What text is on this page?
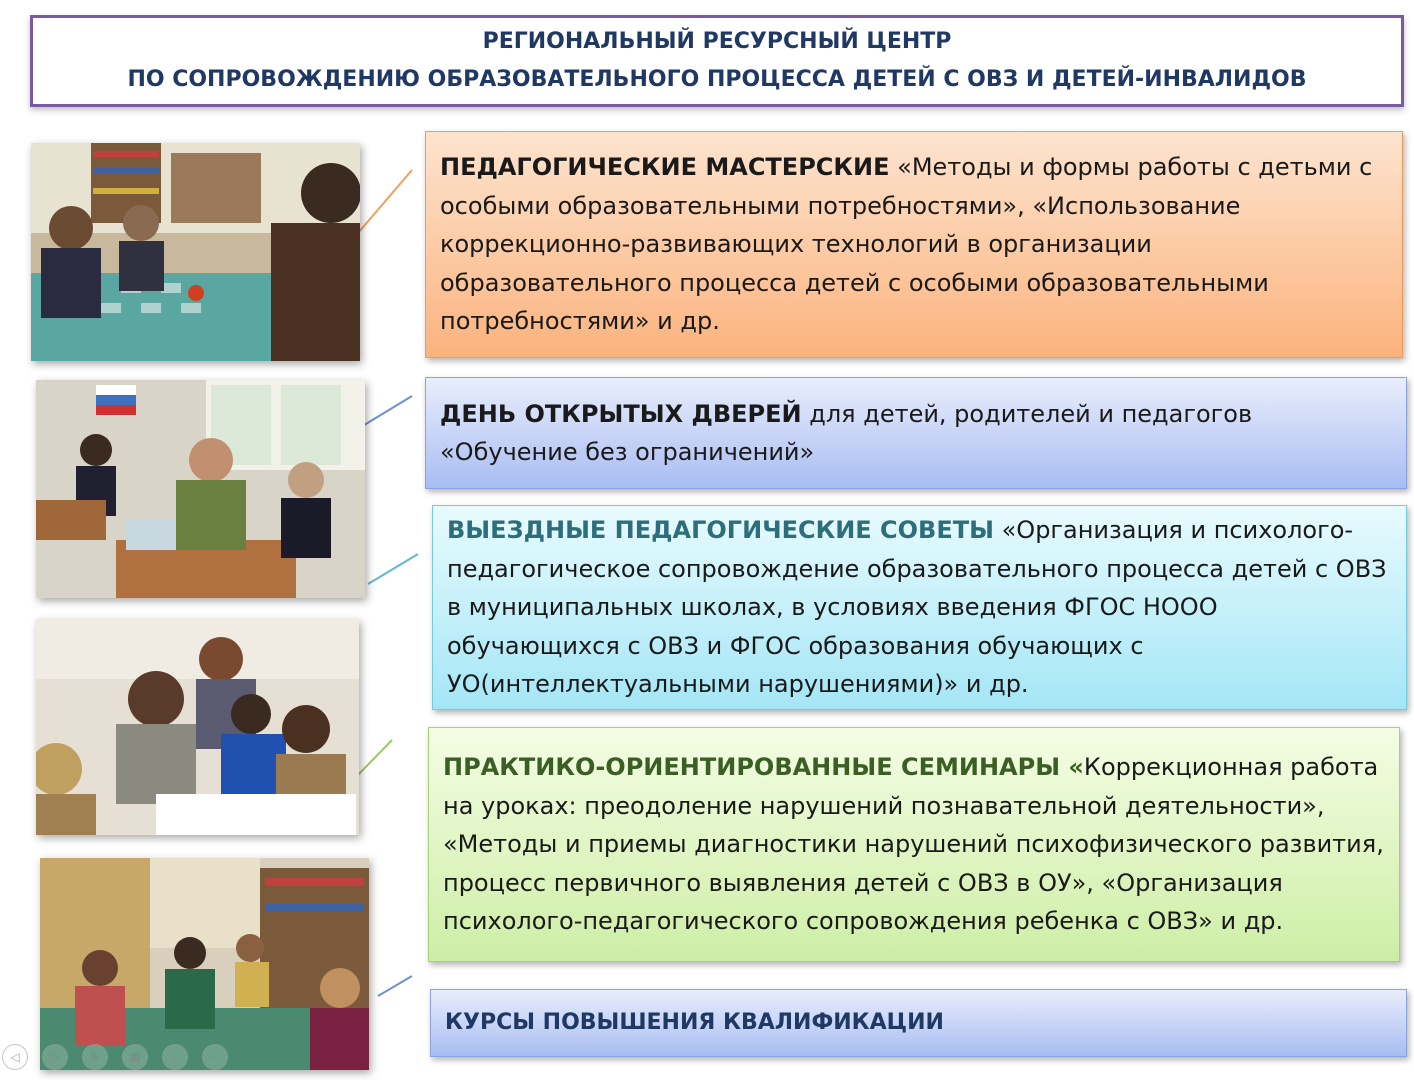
РЕГИОНАЛЬНЫЙ РЕСУРСНЫЙ ЦЕНТР
ПО СОПРОВОЖДЕНИЮ ОБРАЗОВАТЕЛЬНОГО ПРОЦЕССА ДЕТЕЙ С ОВЗ И ДЕТЕЙ-ИНВАЛИДОВ
ПЕДАГОГИЧЕСКИЕ МАСТЕРСКИЕ «Методы и формы работы с детьми с особыми образовательными потребностями», «Использование коррекционно-развивающих технологий в организации образовательного процесса детей с особыми образовательными потребностями» и др.
ДЕНЬ ОТКРЫТЫХ ДВЕРЕЙ для детей, родителей и педагогов «Обучение без ограничений»
ВЫЕЗДНЫЕ ПЕДАГОГИЧЕСКИЕ СОВЕТЫ «Организация и психолого-педагогическое сопровождение образовательного процесса детей с ОВЗ в муниципальных школах, в условиях введения ФГОС НООО обучающихся с ОВЗ и ФГОС образования обучающих с УО(интеллектуальными нарушениями)» и др.
ПРАКТИКО-ОРИЕНТИРОВАННЫЕ СЕМИНАРЫ «Коррекционная работа на уроках: преодоление нарушений познавательной деятельности», «Методы и приемы диагностики нарушений психофизического развития, процесс первичного выявления детей с ОВЗ в ОУ», «Организация психолого-педагогического сопровождения ребенка с ОВЗ» и др.
КУРСЫ ПОВЫШЕНИЯ КВАЛИФИКАЦИИ
◁	▷	✎	▦	⌕	⋯
